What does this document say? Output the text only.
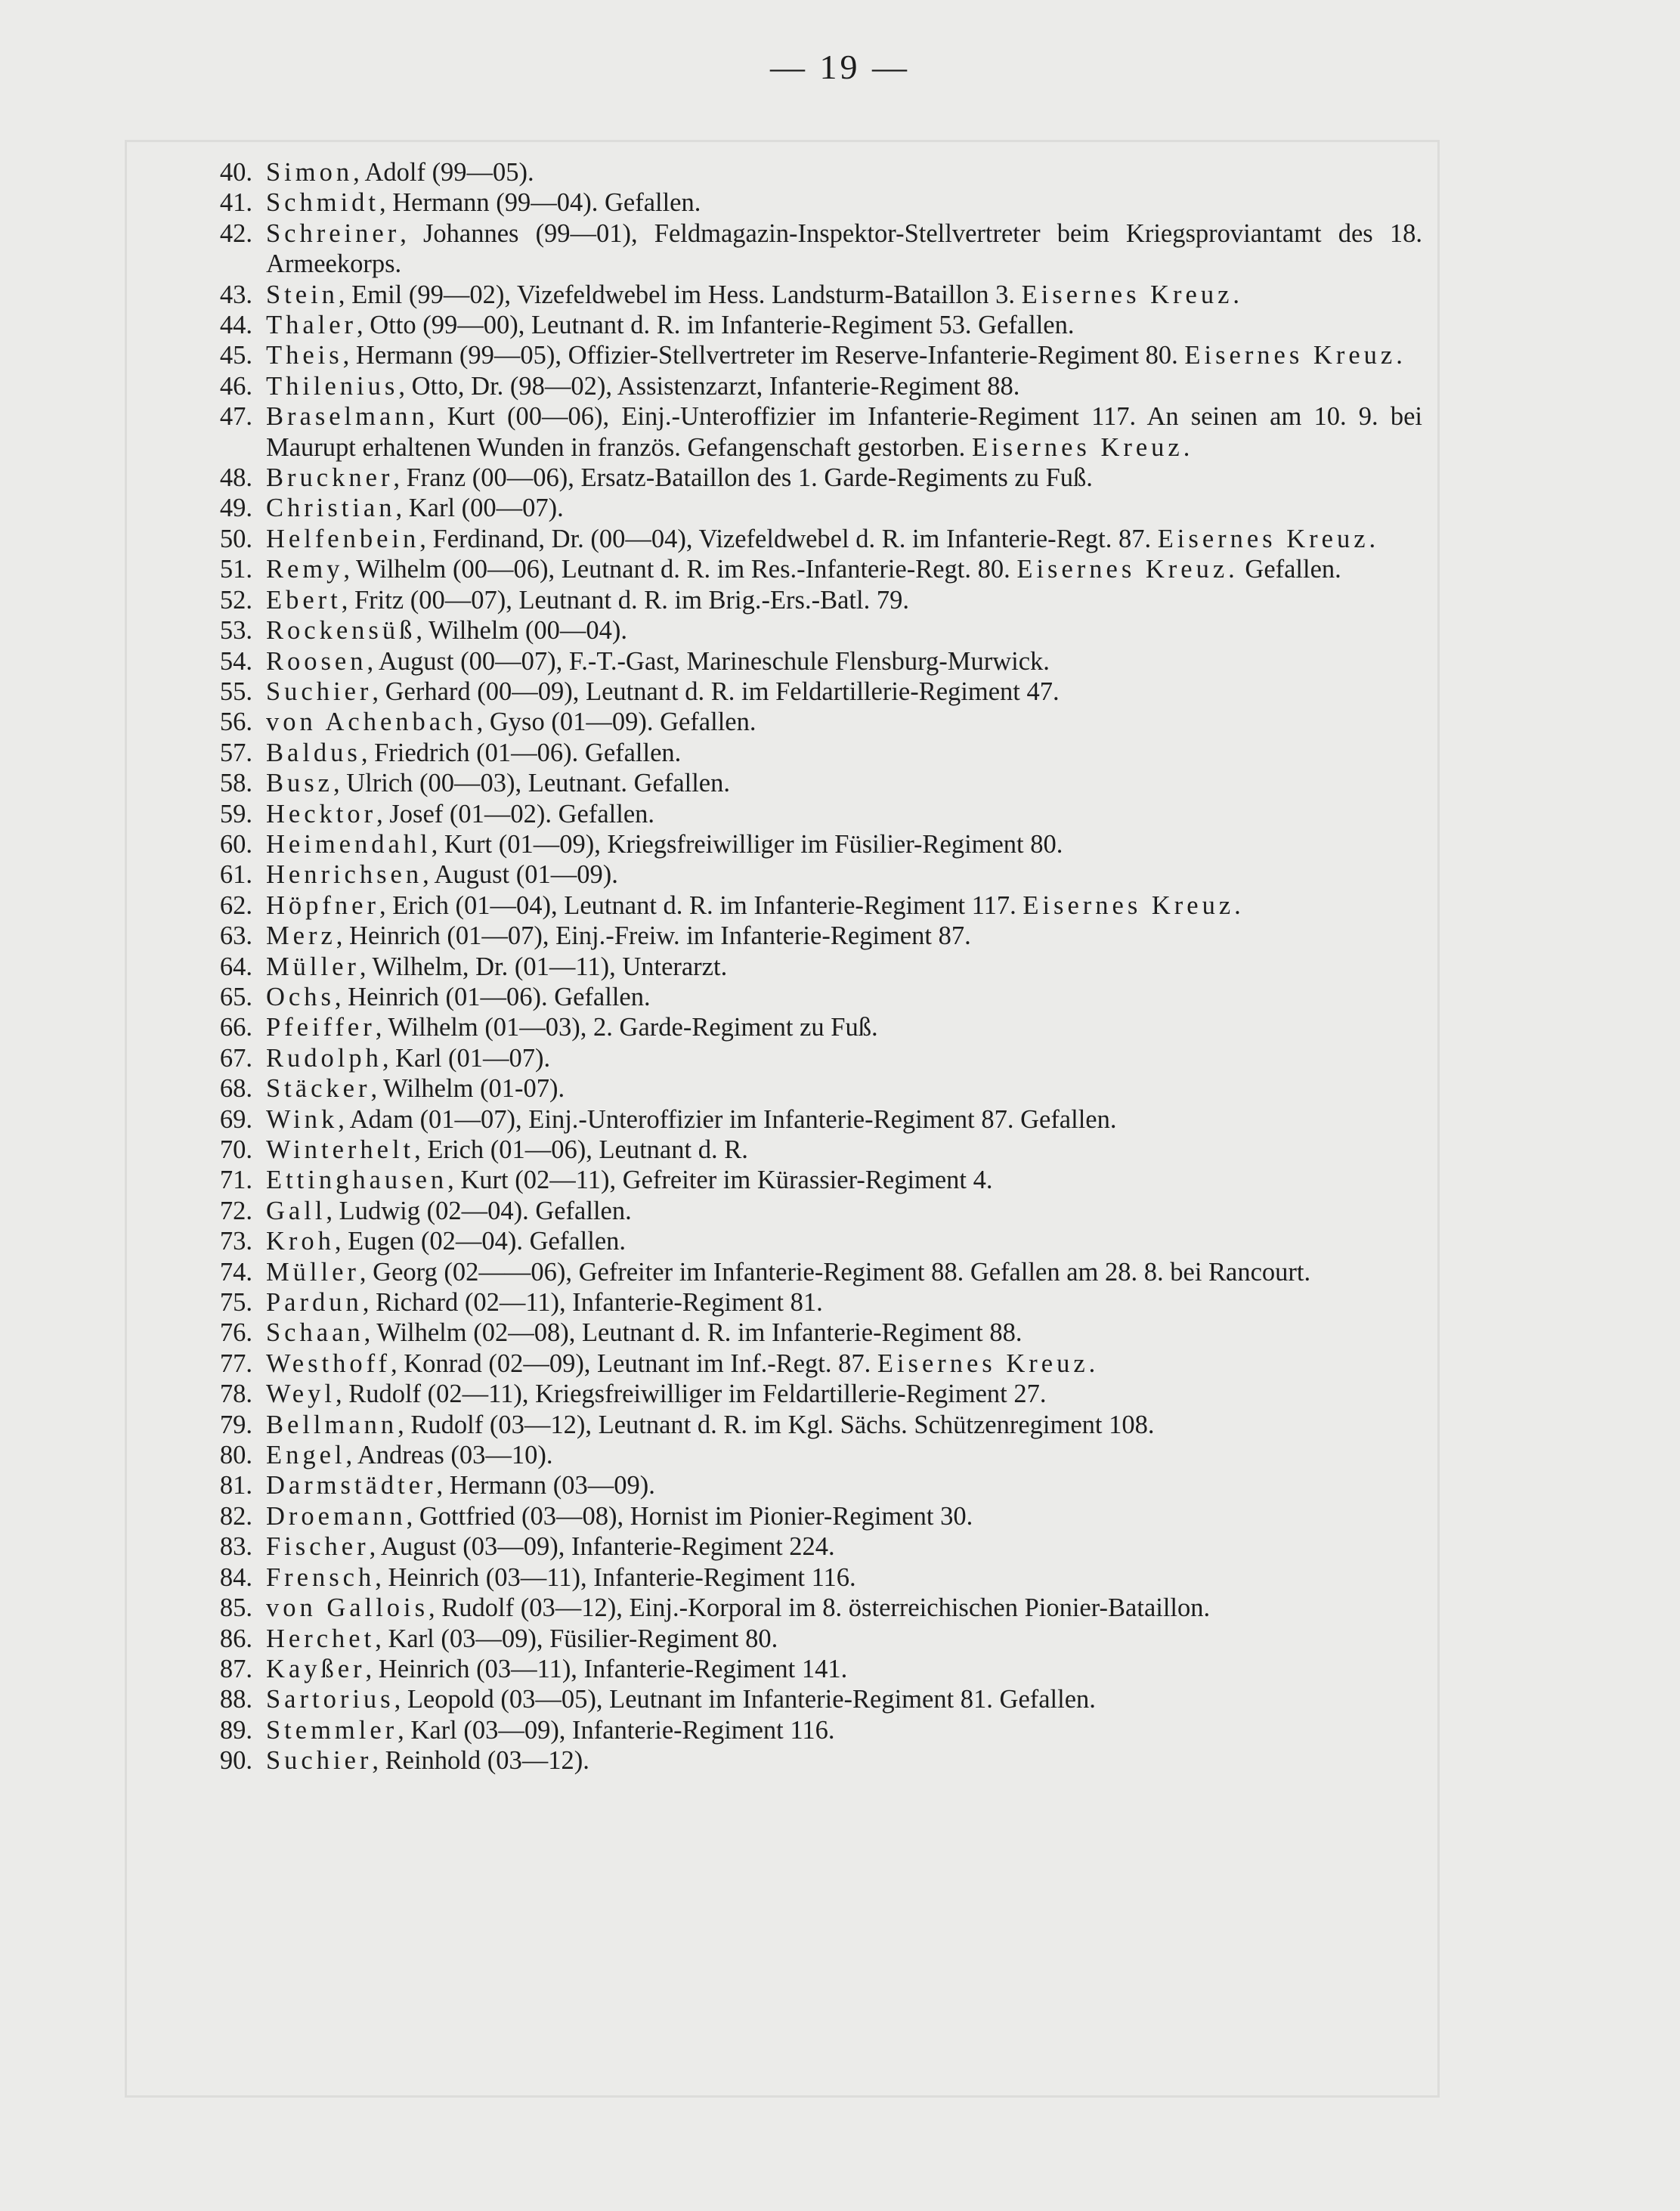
— 19 —
40. Simon, Adolf (99—05).
41. Schmidt, Hermann (99—04). Gefallen.
42. Schreiner, Johannes (99—01), Feldmagazin-Inspektor-Stellvertreter beim Kriegsproviantamt des 18. Armeekorps.
43. Stein, Emil (99—02), Vizefeldwebel im Hess. Landsturm-Bataillon 3. Eisernes Kreuz.
44. Thaler, Otto (99—00), Leutnant d. R. im Infanterie-Regiment 53. Gefallen.
45. Theis, Hermann (99—05), Offizier-Stellvertreter im Reserve-Infanterie-Regiment 80. Eisernes Kreuz.
46. Thilenius, Otto, Dr. (98—02), Assistenzarzt, Infanterie-Regiment 88.
47. Braselmann, Kurt (00—06), Einj.-Unteroffizier im Infanterie-Regiment 117. An seinen am 10. 9. bei Maurupt erhaltenen Wunden in französ. Gefangenschaft gestorben. Eisernes Kreuz.
48. Bruckner, Franz (00—06), Ersatz-Bataillon des 1. Garde-Regiments zu Fuß.
49. Christian, Karl (00—07).
50. Helfenbein, Ferdinand, Dr. (00—04), Vizefeldwebel d. R. im Infanterie-Regt. 87. Eisernes Kreuz.
51. Remy, Wilhelm (00—06), Leutnant d. R. im Res.-Infanterie-Regt. 80. Eisernes Kreuz. Gefallen.
52. Ebert, Fritz (00—07), Leutnant d. R. im Brig.-Ers.-Batl. 79.
53. Rockensüß, Wilhelm (00—04).
54. Roosen, August (00—07), F.-T.-Gast, Marineschule Flensburg-Murwick.
55. Suchier, Gerhard (00—09), Leutnant d. R. im Feldartillerie-Regiment 47.
56. von Achenbach, Gyso (01—09). Gefallen.
57. Baldus, Friedrich (01—06). Gefallen.
58. Busz, Ulrich (00—03), Leutnant. Gefallen.
59. Hecktor, Josef (01—02). Gefallen.
60. Heimendahl, Kurt (01—09), Kriegsfreiwilliger im Füsilier-Regiment 80.
61. Henrichsen, August (01—09).
62. Höpfner, Erich (01—04), Leutnant d. R. im Infanterie-Regiment 117. Eisernes Kreuz.
63. Merz, Heinrich (01—07), Einj.-Freiw. im Infanterie-Regiment 87.
64. Müller, Wilhelm, Dr. (01—11), Unterarzt.
65. Ochs, Heinrich (01—06). Gefallen.
66. Pfeiffer, Wilhelm (01—03), 2. Garde-Regiment zu Fuß.
67. Rudolph, Karl (01—07).
68. Stäcker, Wilhelm (01-07).
69. Wink, Adam (01—07), Einj.-Unteroffizier im Infanterie-Regiment 87. Gefallen.
70. Winterhelt, Erich (01—06), Leutnant d. R.
71. Ettinghausen, Kurt (02—11), Gefreiter im Kürassier-Regiment 4.
72. Gall, Ludwig (02—04). Gefallen.
73. Kroh, Eugen (02—04). Gefallen.
74. Müller, Georg (02——06), Gefreiter im Infanterie-Regiment 88. Gefallen am 28. 8. bei Rancourt.
75. Pardun, Richard (02—11), Infanterie-Regiment 81.
76. Schaan, Wilhelm (02—08), Leutnant d. R. im Infanterie-Regiment 88.
77. Westhoff, Konrad (02—09), Leutnant im Inf.-Regt. 87. Eisernes Kreuz.
78. Weyl, Rudolf (02—11), Kriegsfreiwilliger im Feldartillerie-Regiment 27.
79. Bellmann, Rudolf (03—12), Leutnant d. R. im Kgl. Sächs. Schützenregiment 108.
80. Engel, Andreas (03—10).
81. Darmstädter, Hermann (03—09).
82. Droemann, Gottfried (03—08), Hornist im Pionier-Regiment 30.
83. Fischer, August (03—09), Infanterie-Regiment 224.
84. Frensch, Heinrich (03—11), Infanterie-Regiment 116.
85. von Gallois, Rudolf (03—12), Einj.-Korporal im 8. österreichischen Pionier-Bataillon.
86. Herchet, Karl (03—09), Füsilier-Regiment 80.
87. Kayßer, Heinrich (03—11), Infanterie-Regiment 141.
88. Sartorius, Leopold (03—05), Leutnant im Infanterie-Regiment 81. Gefallen.
89. Stemmler, Karl (03—09), Infanterie-Regiment 116.
90. Suchier, Reinhold (03—12).
